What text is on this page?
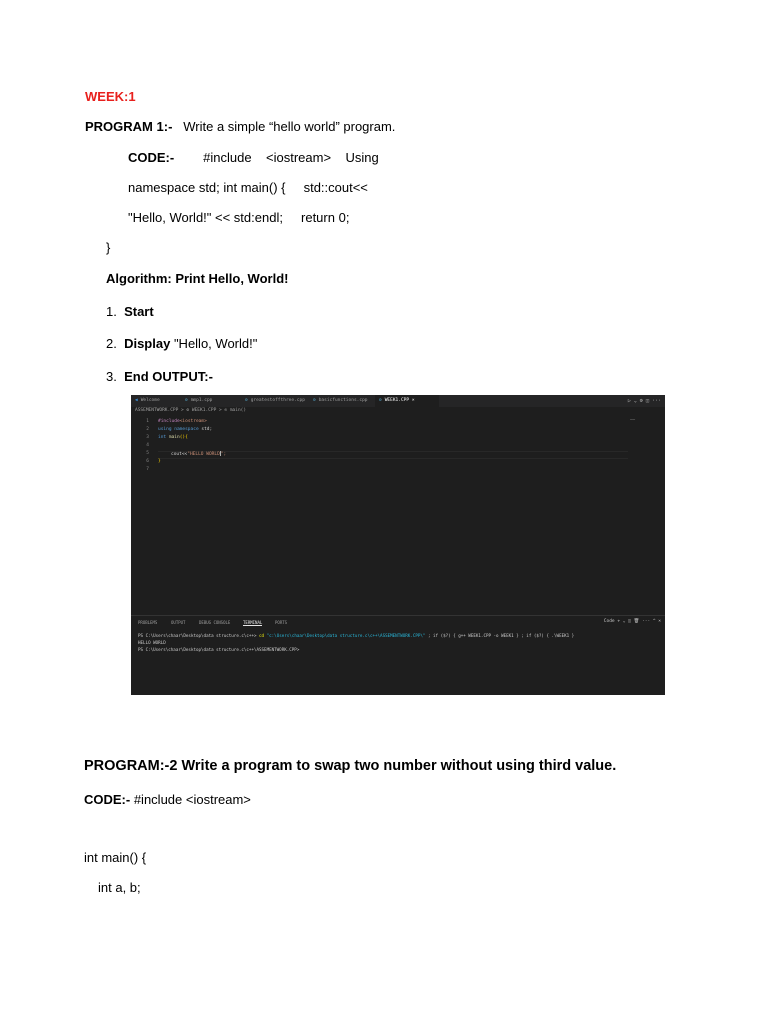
WEEK:1
PROGRAM 1:- Write a simple “hello world” program.
CODE:- #include    <iostream>    Using
namespace std; int main() {     std::cout<<
"Hello, World!" << std:endl;     return 0;
}
Algorithm: Print Hello, World!
1. Start
2. Display "Hello, World!"
3. End OUTPUT:-
◀ Welcome	⚙ mmp1.cpp	⚙ greatestoffthree.cpp	⚙ basicfunctions.cpp	⚙ WEEK1.CPP ×	▷ ⌄ ⚙ ◫ ···
ASSEMENTWORK.CPP > ⚙ WEEK1.CPP > ⊙ main()
1
2
3
4
5
6
7
#include<iostream>
using namespace std;
int main(){
cout<<"HELLO WORLD";
}
══
PROBLEMS	OUTPUT	DEBUG CONSOLE	TERMINAL	PORTS	Code + ⌄ ◫ 🗑 ··· ^ ×
PS C:\Users\chaar\Desktop\data structure.c\c++> cd "c:\Users\chaar\Desktop\data structure.c\c++\ASSEMENTWORK.CPP\" ; if ($?) { g++ WEEK1.CPP -o WEEK1 } ; if ($?) { .\WEEK1 }
HELLO WORLD
PS C:\Users\chaar\Desktop\data structure.c\c++\ASSEMENTWORK.CPP>
PROGRAM:-2 Write a program to swap two number without using third value.
CODE:- #include <iostream>
int main() {
int a, b;
